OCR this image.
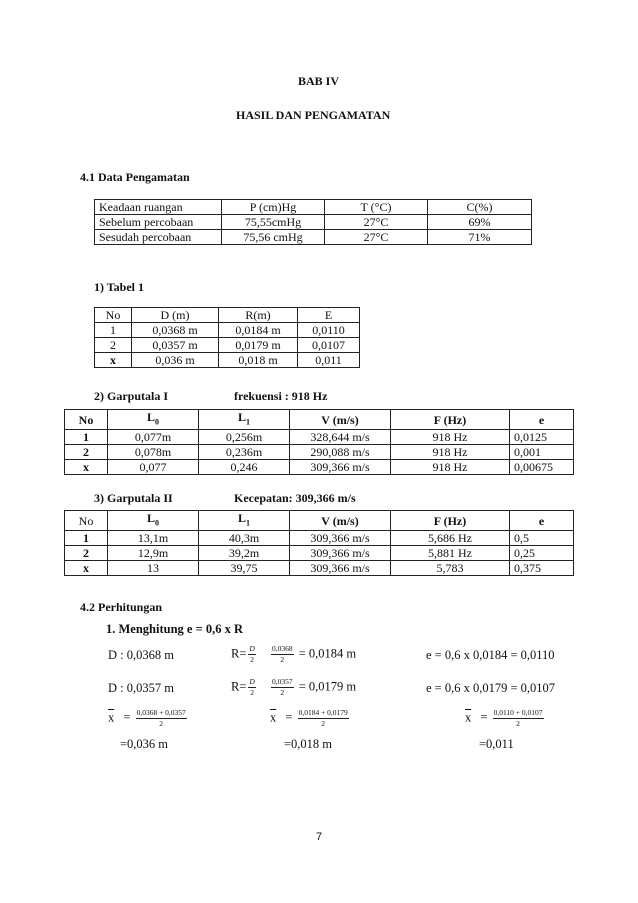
BAB IV
HASIL DAN PENGAMATAN
4.1 Data Pengamatan
Keadaan ruangan	P (cm)Hg	T (°C)	C(%)
Sebelum percobaan	75,55cmHg	27°C	69%
Sesudah percobaan	75,56 cmHg	27°C	71%
1) Tabel 1
No	D (m)	R(m)	E
1	0,0368 m	0,0184 m	0,0110
2	0,0357 m	0,0179 m	0,0107
$\overline{x}$	0,036 m	0,018 m	0,011
2) Garputala I	frekuensi : 918 Hz
No	$L_0$	$L_1$	V (m/s)	F (Hz)	e
1	0,077m	0,256m	328,644 m/s	918 Hz	0,0125
2	0,078m	0,236m	290,088 m/s	918 Hz	0,001
$\overline{x}$	0,077	0,246	309,366 m/s	918 Hz	0,00675
3) Garputala II	Kecepatan: 309,366 m/s
No	$L_0$	$L_1$	V (m/s)	F (Hz)	e
1	13,1m	40,3m	309,366 m/s	5,686 Hz	0,5
2	12,9m	39,2m	309,366 m/s	5,881 Hz	0,25
$\overline{x}$	13	39,75	309,366 m/s	5,783	0,375
4.2 Perhitungan
1. Menghitung e = 0,6 x R
D : 0,0368 m	$R= \frac{D}{2}$
$\frac{0,0368}{2} = 0,0184$ m	e = 0,6 x 0,0184 = 0,0110
D : 0,0357 m	$R= \frac{D}{2}$
$\frac{0,0357}{2} = 0,0179$ m	e = 0,6 x 0,0179 = 0,0107
$\overline{x} = \frac{0,0368 + 0,0357}{2}$
=0,036 m
$\overline{x} = \frac{0,0184 + 0,0179}{2}$
=0,018 m
$\overline{x} = \frac{0,0110 + 0,0107}{2}$
=0,011
7
